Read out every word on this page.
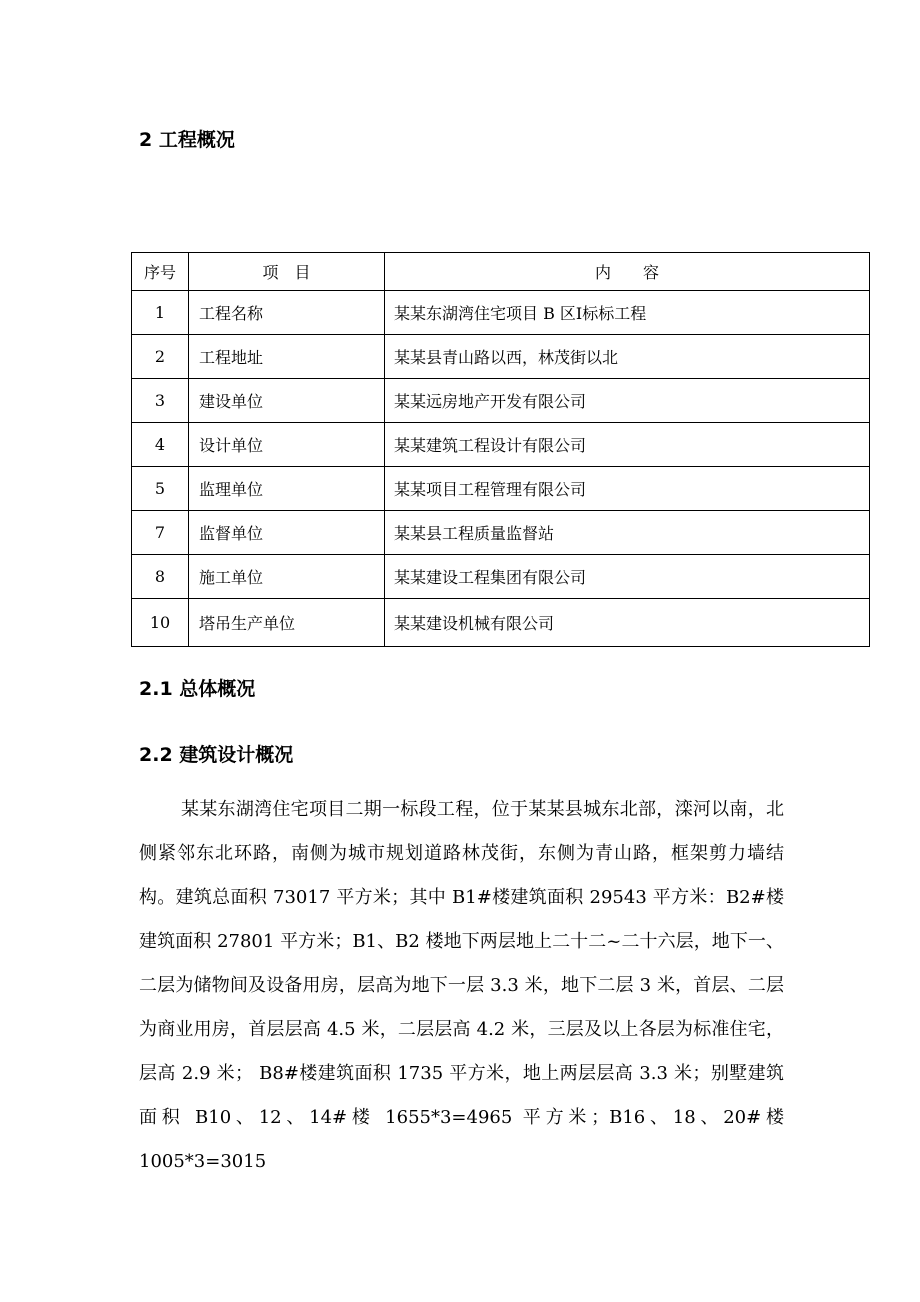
2 工程概况
序号	项　目	内　　容
1	工程名称	某某东湖湾住宅项目 B 区Ⅰ标标工程
2	工程地址	某某县青山路以西，林茂街以北
3	建设单位	某某远房地产开发有限公司
4	设计单位	某某建筑工程设计有限公司
5	监理单位	某某项目工程管理有限公司
7	监督单位	某某县工程质量监督站
8	施工单位	某某建设工程集团有限公司
10	塔吊生产单位	某某建设机械有限公司
2.1 总体概况
2.2 建筑设计概况

某某东湖湾住宅项目二期一标段工程，位于某某县城东北部，滦河以南，北侧紧邻东北环路，南侧为城市规划道路林茂街，东侧为青山路，框架剪力墙结构。建筑总面积 73017 平方米；其中 B1#楼建筑面积 29543 平方米：B2#楼建筑面积 27801 平方米；B1、B2 楼地下两层地上二十二~二十六层，地下一、二层为储物间及设备用房，层高为地下一层 3.3 米，地下二层 3 米，首层、二层为商业用房，首层层高 4.5 米，二层层高 4.2 米，三层及以上各层为标准住宅，层高 2.9 米； B8#楼建筑面积 1735 平方米，地上两层层高 3.3 米；别墅建筑面积 B10、12、14#楼 1655*3=4965 平方米；B16、18、20#楼 1005*3=3015
